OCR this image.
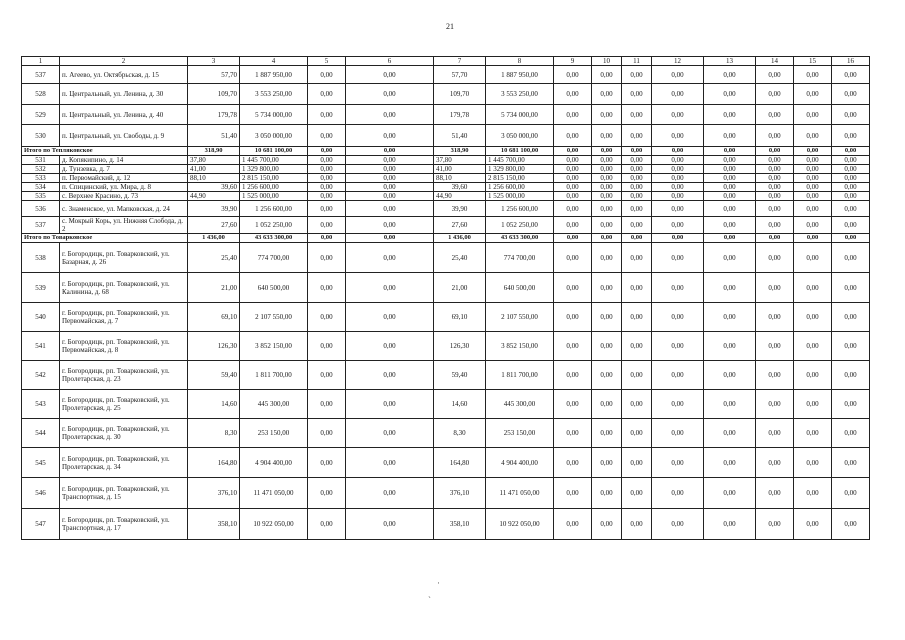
21
1	2	3	4	5	6	7	8	9	10	11	12	13	14	15	16
537	п. Агеево, ул. Октябрьская, д. 15	57,70	1 887 950,00	0,00	0,00	57,70	1 887 950,00	0,00	0,00	0,00	0,00	0,00	0,00	0,00	0,00
528	п. Центральный, ул. Ленина, д. 30	109,70	3 553 250,00	0,00	0,00	109,70	3 553 250,00	0,00	0,00	0,00	0,00	0,00	0,00	0,00	0,00
529	п. Центральный, ул. Ленина, д. 40	179,78	5 734 000,00	0,00	0,00	179,78	5 734 000,00	0,00	0,00	0,00	0,00	0,00	0,00	0,00	0,00
530	п. Центральный, ул. Свободы, д. 9	51,40	3 050 000,00	0,00	0,00	51,40	3 050 000,00	0,00	0,00	0,00	0,00	0,00	0,00	0,00	0,00
Итого по Тепляковское		318,90	10 681 100,00	0,00	0,00	318,90	10 681 100,00	0,00	0,00	0,00	0,00	0,00	0,00	0,00	0,00
531	д. Копякипино, д. 14	37,80	1 445 700,00	0,00	0,00	37,80	1 445 700,00	0,00	0,00	0,00	0,00	0,00	0,00	0,00	0,00
532	д. Тунзевка, д. 7	41,00	1 329 800,00	0,00	0,00	41,00	1 329 800,00	0,00	0,00	0,00	0,00	0,00	0,00	0,00	0,00
533	п. Первомайский, д. 12	88,10	2 815 150,00	0,00	0,00	88,10	2 815 150,00	0,00	0,00	0,00	0,00	0,00	0,00	0,00	0,00
534	п. Спицинский, ул. Мира, д. 8	39,60	1 256 600,00	0,00	0,00	39,60	1 256 600,00	0,00	0,00	0,00	0,00	0,00	0,00	0,00	0,00
535	с. Верхнее Красино, д. 73	44,90	1 525 000,00	0,00	0,00	44,90	1 525 000,00	0,00	0,00	0,00	0,00	0,00	0,00	0,00	0,00
536	с. Знаменское, ул. Мапковская, д. 24	39,90	1 256 600,00	0,00	0,00	39,90	1 256 600,00	0,00	0,00	0,00	0,00	0,00	0,00	0,00	0,00
537	с. Мокрый Корь, ул. Нижняя Слобода, д. 2	27,60	1 052 250,00	0,00	0,00	27,60	1 052 250,00	0,00	0,00	0,00	0,00	0,00	0,00	0,00	0,00
Итого по Товарковское		1 436,00	43 633 300,00	0,00	0,00	1 436,00	43 633 300,00	0,00	0,00	0,00	0,00	0,00	0,00	0,00	0,00
538	г. Богородицк, рп. Товарковский, ул. Базарная, д. 26	25,40	774 700,00	0,00	0,00	25,40	774 700,00	0,00	0,00	0,00	0,00	0,00	0,00	0,00	0,00
539	г. Богородицк, рп. Товарковский, ул. Калинина, д. 68	21,00	640 500,00	0,00	0,00	21,00	640 500,00	0,00	0,00	0,00	0,00	0,00	0,00	0,00	0,00
540	г. Богородицк, рп. Товарковский, ул. Первомайская, д. 7	69,10	2 107 550,00	0,00	0,00	69,10	2 107 550,00	0,00	0,00	0,00	0,00	0,00	0,00	0,00	0,00
541	г. Богородицк, рп. Товарковский, ул. Первомайская, д. 8	126,30	3 852 150,00	0,00	0,00	126,30	3 852 150,00	0,00	0,00	0,00	0,00	0,00	0,00	0,00	0,00
542	г. Богородицк, рп. Товарковский, ул. Пролетарская, д. 23	59,40	1 811 700,00	0,00	0,00	59,40	1 811 700,00	0,00	0,00	0,00	0,00	0,00	0,00	0,00	0,00
543	г. Богородицк, рп. Товарковский, ул. Пролетарская, д. 25	14,60	445 300,00	0,00	0,00	14,60	445 300,00	0,00	0,00	0,00	0,00	0,00	0,00	0,00	0,00
544	г. Богородицк, рп. Товарковский, ул. Пролетарская, д. 30	8,30	253 150,00	0,00	0,00	8,30	253 150,00	0,00	0,00	0,00	0,00	0,00	0,00	0,00	0,00
545	г. Богородицк, рп. Товарковский, ул. Пролетарская, д. 34	164,80	4 904 400,00	0,00	0,00	164,80	4 904 400,00	0,00	0,00	0,00	0,00	0,00	0,00	0,00	0,00
546	г. Богородицк, рп. Товарковский, ул. Транспортная, д. 15	376,10	11 471 050,00	0,00	0,00	376,10	11 471 050,00	0,00	0,00	0,00	0,00	0,00	0,00	0,00	0,00
547	г. Богородицк, рп. Товарковский, ул. Транспортная, д. 17	358,10	10 922 050,00	0,00	0,00	358,10	10 922 050,00	0,00	0,00	0,00	0,00	0,00	0,00	0,00	0,00
·
ˏ
